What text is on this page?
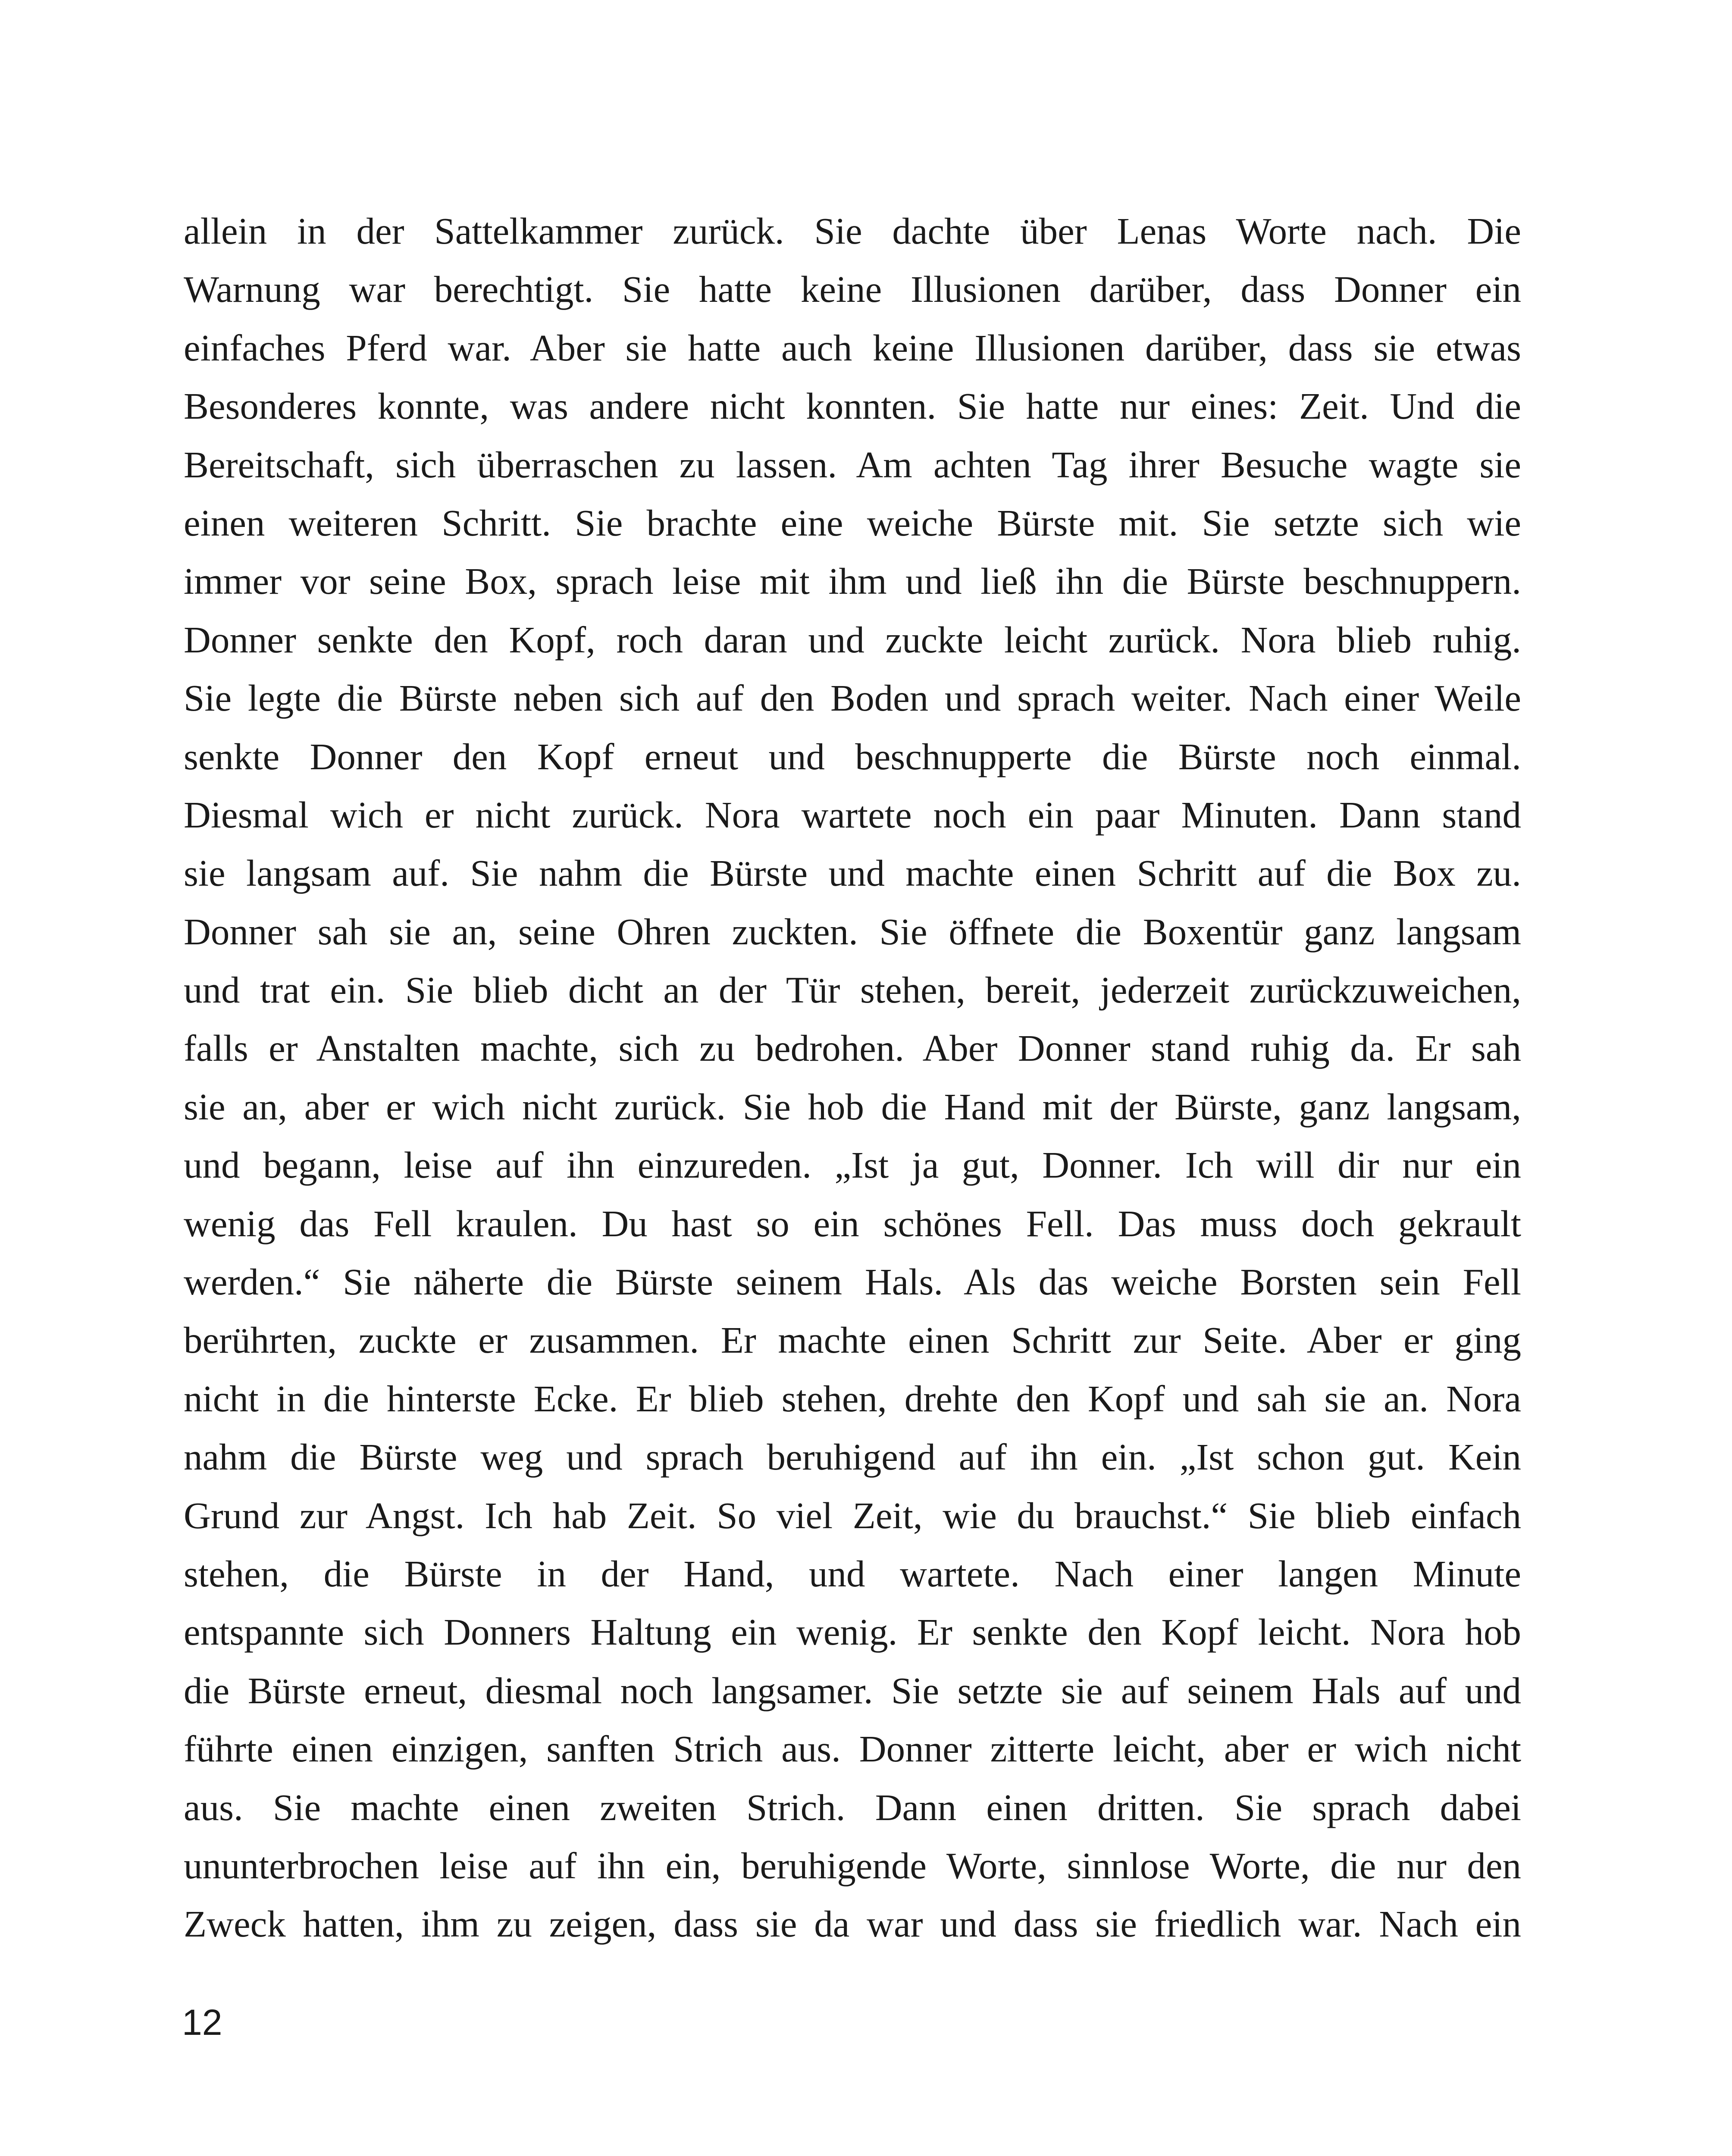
allein in der Sattelkammer zurück. Sie dachte über Lenas Worte nach. Die
Warnung war berechtigt. Sie hatte keine Illusionen darüber, dass Donner ein
einfaches Pferd war. Aber sie hatte auch keine Illusionen darüber, dass sie etwas
Besonderes konnte, was andere nicht konnten. Sie hatte nur eines: Zeit. Und die
Bereitschaft, sich überraschen zu lassen. Am achten Tag ihrer Besuche wagte sie
einen weiteren Schritt. Sie brachte eine weiche Bürste mit. Sie setzte sich wie
immer vor seine Box, sprach leise mit ihm und ließ ihn die Bürste beschnuppern.
Donner senkte den Kopf, roch daran und zuckte leicht zurück. Nora blieb ruhig.
Sie legte die Bürste neben sich auf den Boden und sprach weiter. Nach einer Weile
senkte Donner den Kopf erneut und beschnupperte die Bürste noch einmal.
Diesmal wich er nicht zurück. Nora wartete noch ein paar Minuten. Dann stand
sie langsam auf. Sie nahm die Bürste und machte einen Schritt auf die Box zu.
Donner sah sie an, seine Ohren zuckten. Sie öffnete die Boxentür ganz langsam
und trat ein. Sie blieb dicht an der Tür stehen, bereit, jederzeit zurückzuweichen,
falls er Anstalten machte, sich zu bedrohen. Aber Donner stand ruhig da. Er sah
sie an, aber er wich nicht zurück. Sie hob die Hand mit der Bürste, ganz langsam,
und begann, leise auf ihn einzureden. „Ist ja gut, Donner. Ich will dir nur ein
wenig das Fell kraulen. Du hast so ein schönes Fell. Das muss doch gekrault
werden.“ Sie näherte die Bürste seinem Hals. Als das weiche Borsten sein Fell
berührten, zuckte er zusammen. Er machte einen Schritt zur Seite. Aber er ging
nicht in die hinterste Ecke. Er blieb stehen, drehte den Kopf und sah sie an. Nora
nahm die Bürste weg und sprach beruhigend auf ihn ein. „Ist schon gut. Kein
Grund zur Angst. Ich hab Zeit. So viel Zeit, wie du brauchst.“ Sie blieb einfach
stehen, die Bürste in der Hand, und wartete. Nach einer langen Minute
entspannte sich Donners Haltung ein wenig. Er senkte den Kopf leicht. Nora hob
die Bürste erneut, diesmal noch langsamer. Sie setzte sie auf seinem Hals auf und
führte einen einzigen, sanften Strich aus. Donner zitterte leicht, aber er wich nicht
aus. Sie machte einen zweiten Strich. Dann einen dritten. Sie sprach dabei
ununterbrochen leise auf ihn ein, beruhigende Worte, sinnlose Worte, die nur den
Zweck hatten, ihm zu zeigen, dass sie da war und dass sie friedlich war. Nach ein
12
